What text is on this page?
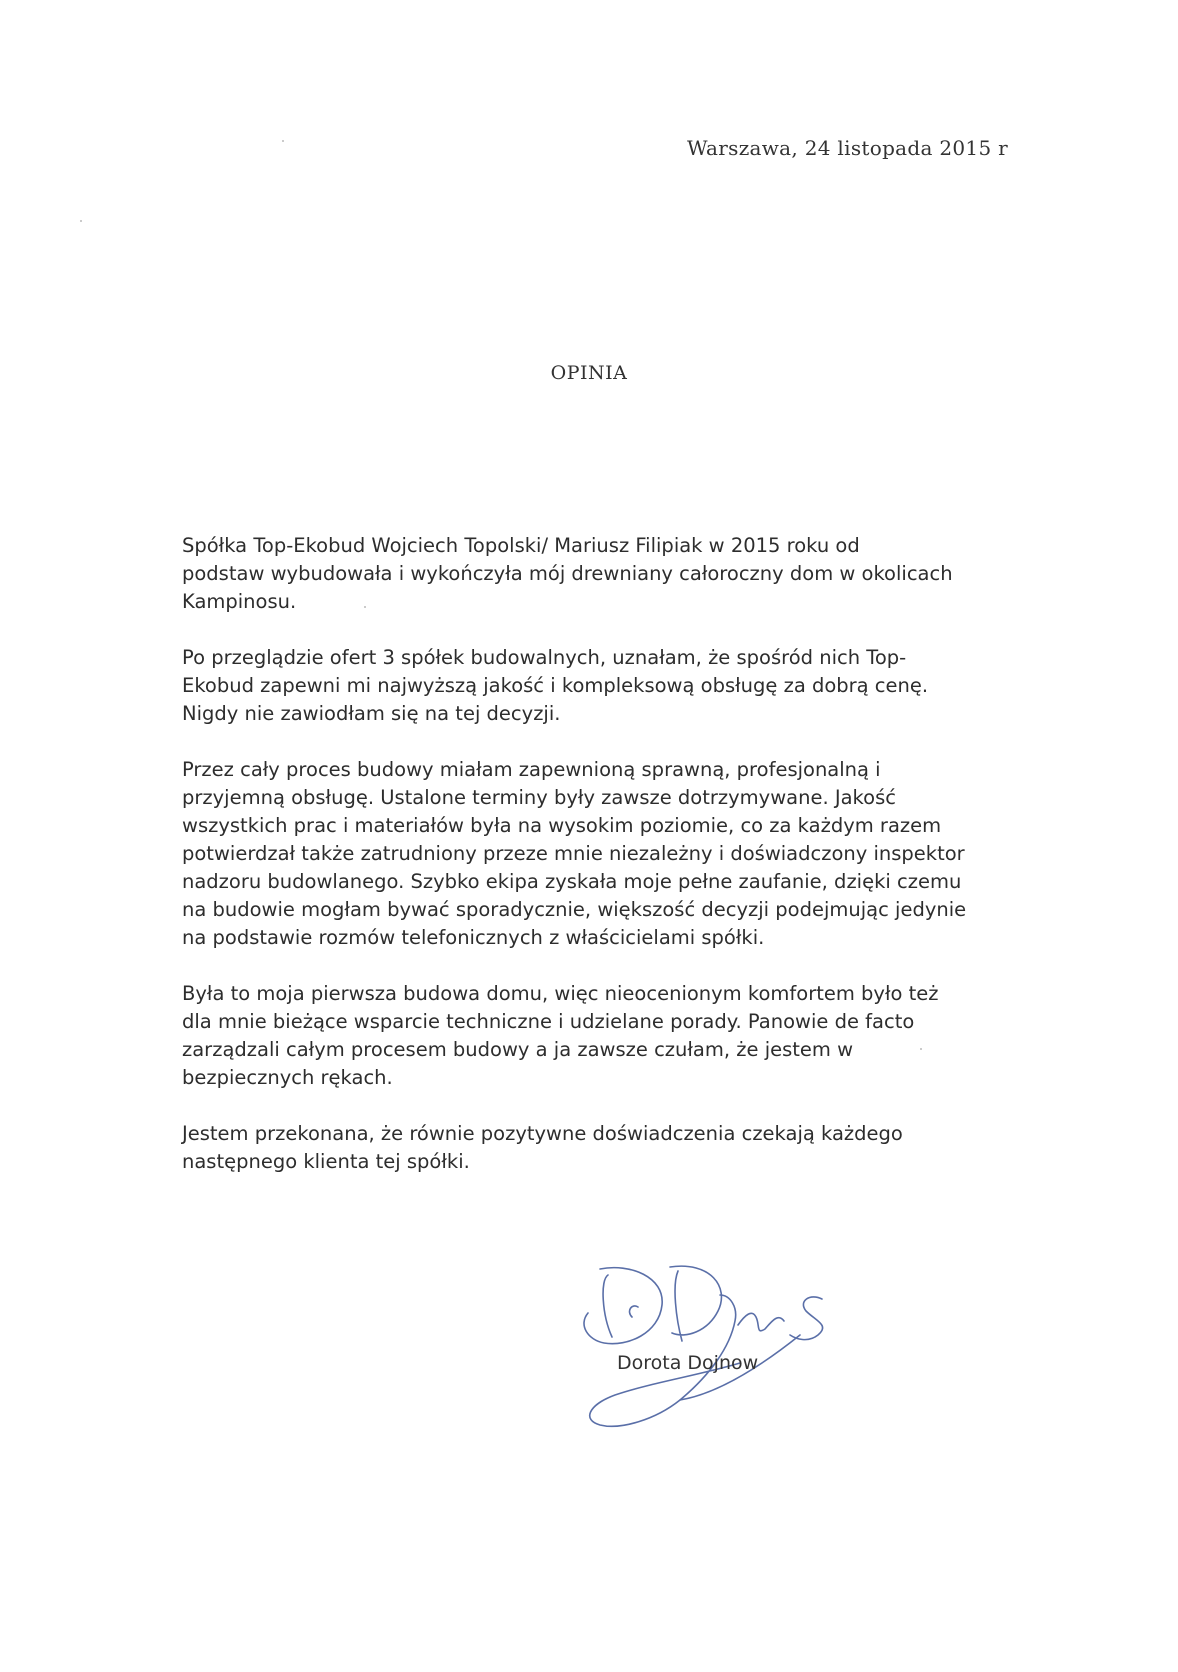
Warszawa, 24 listopada 2015 r
OPINIA

Spółka Top-Ekobud Wojciech Topolski/ Mariusz Filipiak w 2015 roku od
podstaw wybudowała i wykończyła mój drewniany całoroczny dom w okolicach
Kampinosu.

Po przeglądzie ofert 3 spółek budowalnych, uznałam, że spośród nich Top-
Ekobud zapewni mi najwyższą jakość i kompleksową obsługę za dobrą cenę.
Nigdy nie zawiodłam się na tej decyzji.

Przez cały proces budowy miałam zapewnioną sprawną, profesjonalną i
przyjemną obsługę. Ustalone terminy były zawsze dotrzymywane. Jakość
wszystkich prac i materiałów była na wysokim poziomie, co za każdym razem
potwierdzał także zatrudniony przeze mnie niezależny i doświadczony inspektor
nadzoru budowlanego. Szybko ekipa zyskała moje pełne zaufanie, dzięki czemu
na budowie mogłam bywać sporadycznie, większość decyzji podejmując jedynie
na podstawie rozmów telefonicznych z właścicielami spółki.

Była to moja pierwsza budowa domu, więc nieocenionym komfortem było też
dla mnie bieżące wsparcie techniczne i udzielane porady. Panowie de facto
zarządzali całym procesem budowy a ja zawsze czułam, że jestem w
bezpiecznych rękach.

Jestem przekonana, że równie pozytywne doświadczenia czekają każdego
następnego klienta tej spółki.

Dorota Dojnow
